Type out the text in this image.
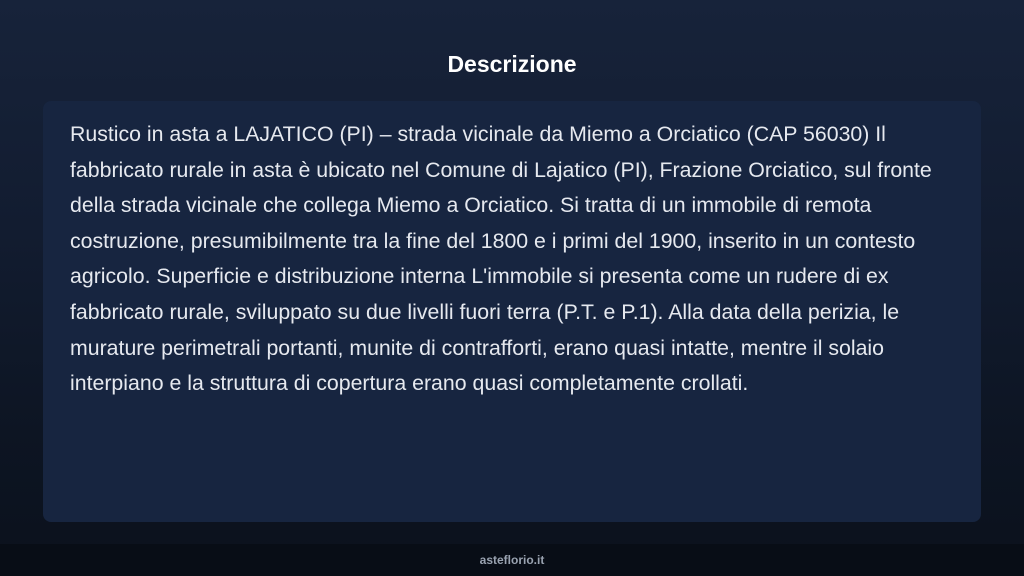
Descrizione

Rustico in asta a LAJATICO (PI) – strada vicinale da Miemo a Orciatico (CAP 56030) Il fabbricato rurale in asta è ubicato nel Comune di Lajatico (PI), Frazione Orciatico, sul fronte della strada vicinale che collega Miemo a Orciatico. Si tratta di un immobile di remota costruzione, presumibilmente tra la fine del 1800 e i primi del 1900, inserito in un contesto agricolo. Superficie e distribuzione interna L'immobile si presenta come un rudere di ex fabbricato rurale, sviluppato su due livelli fuori terra (P.T. e P.1). Alla data della perizia, le murature perimetrali portanti, munite di contrafforti, erano quasi intatte, mentre il solaio interpiano e la struttura di copertura erano quasi completamente crollati.

asteflorio.it
